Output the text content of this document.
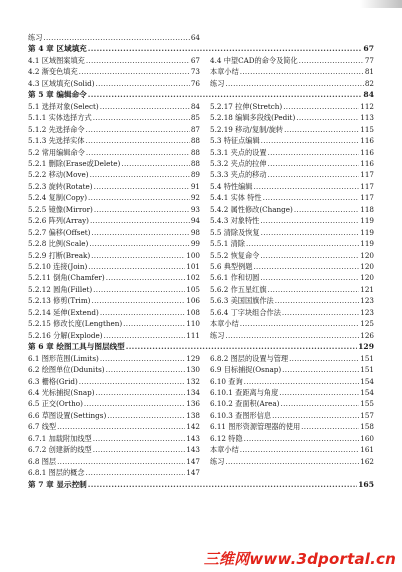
练习 .....	64
第 4 章 区域填充 .....	67
4.1 区域图案填充 .....	67
4.2 渐变色填充 .....	73
4.3 区域填充(Solid) .....	76
第 5 章 编辑命令 .....	84
5.1 选择对象(Select) .....	84
5.1.1 实体选择方式 .....	85
5.1.2 先选择命令 .....	87
5.1.3 先选择实体 .....	88
5.2 常用编辑命令 .....	88
5.2.1 删除(Erase或Delete) .....	88
5.2.2 移动(Move) .....	89
5.2.3 旋转(Rotate) .....	91
5.2.4 复制(Copy) .....	92
5.2.5 镜像(Mirror) .....	93
5.2.6 阵列(Array) .....	94
5.2.7 偏移(Offset) .....	98
5.2.8 比例(Scale) .....	99
5.2.9 打断(Break) .....	100
5.2.10 连接(Join) .....	101
5.2.11 倒角(Chamfer) .....	102
5.2.12 圆角(Fillet) .....	105
5.2.13 修剪(Trim) .....	106
5.2.14 延伸(Extend) .....	108
5.2.15 修改长度(Lengthen) .....	110
5.2.16 分解(Explode) .....	111
第 6 章 绘图工具与图层线型 .....	129
6.1 图形范围(Limits) .....	129
6.2 绘图单位(Ddunits) .....	130
6.3 栅格(Grid) .....	132
6.4 光标捕捉(Snap) .....	134
6.5 正交(Ortho) .....	136
6.6 草图设置(Settings) .....	138
6.7 线型 .....	142
6.7.1 加载附加线型 .....	143
6.7.2 创建新的线型 .....	143
6.8 图层 .....	147
6.8.1 图层的概念 .....	147
第 7 章 显示控制 .....	165
4.4 中望CAD的命令及简化 .....	77
本章小结 .....	81
练习 .....	82
5.2.17 拉伸(Stretch) .....	112
5.2.18 编辑多段线(Pedit) .....	113
5.2.19 移动/复制/旋转 .....	115
5.3 特征点编辑 .....	116
5.3.1 夹点的设置 .....	116
5.3.2 夹点的拉伸 .....	116
5.3.3 夹点的移动 .....	117
5.4 特性编辑 .....	117
5.4.1 实体 特性 .....	117
5.4.2 属性修改(Change) .....	118
5.4.3 对象特性 .....	119
5.5 清除及恢复 .....	119
5.5.1 清除 .....	119
5.5.2 恢复命令 .....	120
5.6 典型例题 .....	120
5.6.1 作和切圆 .....	120
5.6.2 作五星红旗 .....	121
5.6.3 美国国旗作法 .....	123
5.6.4 丁字块组合作法 .....	123
本章小结 .....	125
练习 .....	126
6.8.2 图层的设置与管理 .....	151
6.9 目标捕捉(Osnap) .....	151
6.10 查询 .....	154
6.10.1 查距离与角度 .....	154
6.10.2 查面积(Area) .....	155
6.10.3 查图形信息 .....	157
6.11 图形资源管理器的使用 .....	158
6.12 特隐 .....	160
本章小结 .....	161
练习 .....	162
三维网www.3dportal.cn
